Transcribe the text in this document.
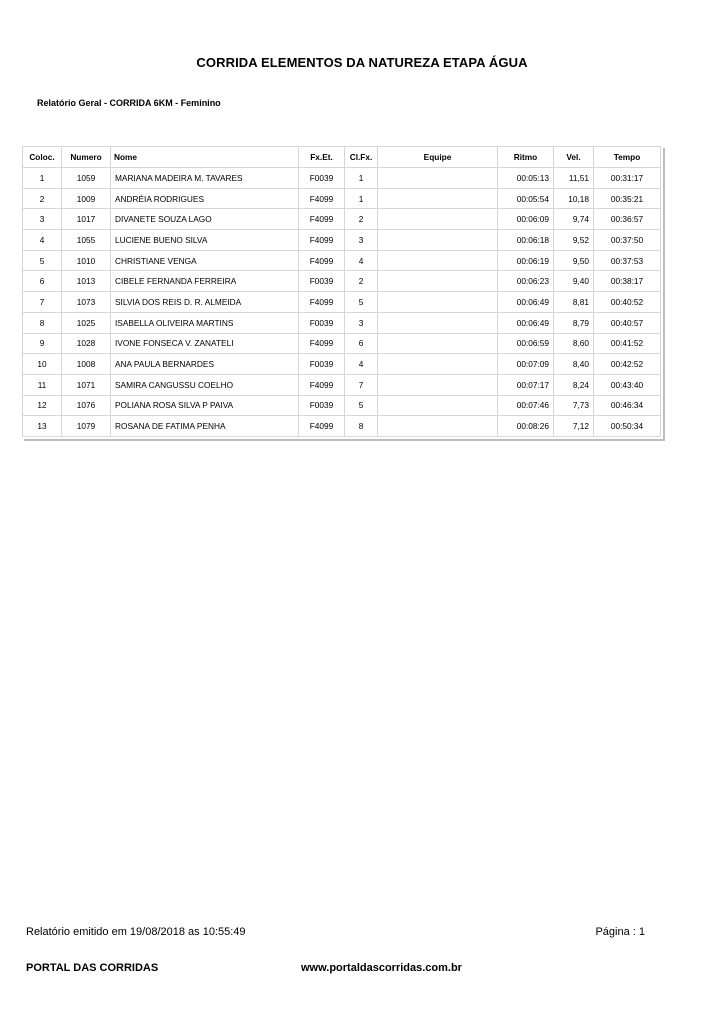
CORRIDA ELEMENTOS DA NATUREZA ETAPA ÁGUA
Relatório Geral - CORRIDA 6KM - Feminino
Coloc.	Numero	Nome	Fx.Et.	Cl.Fx.	Equipe	Ritmo	Vel.	Tempo
1	1059	MARIANA MADEIRA M. TAVARES	F0039	1		00:05:13	11,51	00:31:17
2	1009	ANDRÉIA RODRIGUES	F4099	1		00:05:54	10,18	00:35:21
3	1017	DIVANETE SOUZA LAGO	F4099	2		00:06:09	9,74	00:36:57
4	1055	LUCIENE BUENO SILVA	F4099	3		00:06:18	9,52	00:37:50
5	1010	CHRISTIANE VENGA	F4099	4		00:06:19	9,50	00:37:53
6	1013	CIBELE FERNANDA FERREIRA	F0039	2		00:06:23	9,40	00:38:17
7	1073	SILVIA DOS REIS D. R. ALMEIDA	F4099	5		00:06:49	8,81	00:40:52
8	1025	ISABELLA OLIVEIRA MARTINS	F0039	3		00:06:49	8,79	00:40:57
9	1028	IVONE FONSECA V. ZANATELI	F4099	6		00:06:59	8,60	00:41:52
10	1008	ANA PAULA BERNARDES	F0039	4		00:07:09	8,40	00:42:52
11	1071	SAMIRA CANGUSSU COELHO	F4099	7		00:07:17	8,24	00:43:40
12	1076	POLIANA ROSA SILVA P PAIVA	F0039	5		00:07:46	7,73	00:46:34
13	1079	ROSANA DE FATIMA PENHA	F4099	8		00:08:26	7,12	00:50:34
Relatório emitido em 19/08/2018 as 10:55:49	Página : 1
PORTAL DAS CORRIDAS	www.portaldascorridas.com.br
